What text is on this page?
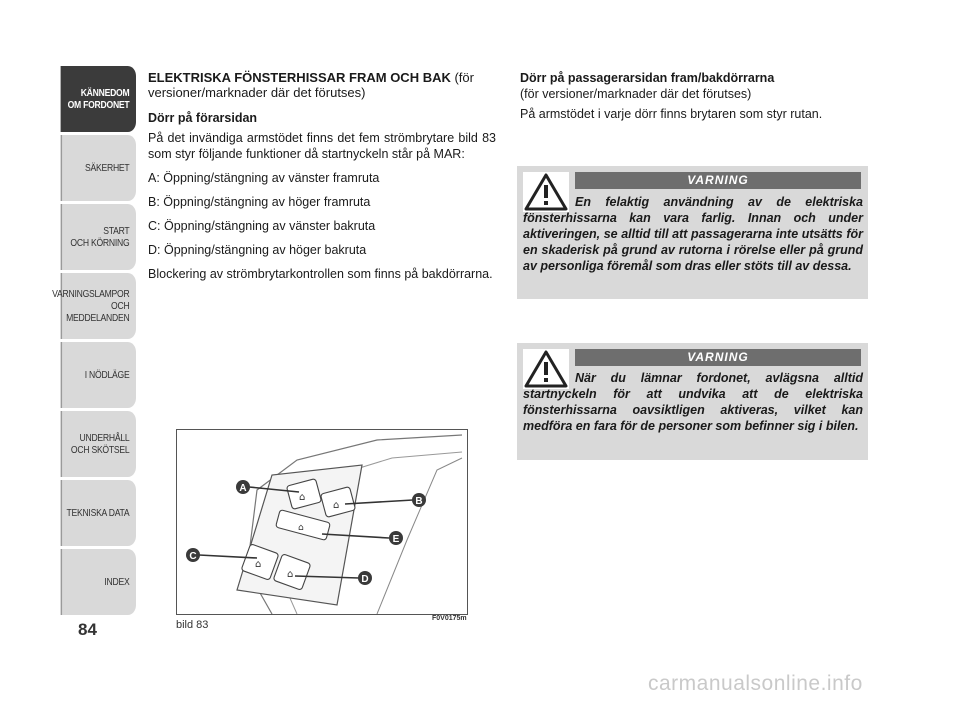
KÄNNEDOM
OM FORDONET
SÄKERHET
START
OCH KÖRNING
VARNINGSLAMPOR
OCH
MEDDELANDEN
I NÖDLÄGE
UNDERHÅLL
OCH SKÖTSEL
TEKNISKA DATA
INDEX
84
ELEKTRISKA FÖNSTERHISSAR FRAM OCH BAK (för versioner/marknader där det förutses)
Dörr på förarsidan
På det invändiga armstödet finns det fem strömbrytare bild 83 som styr följande funktioner då startnyckeln står på MAR:
A: Öppning/stängning av vänster framruta
B: Öppning/stängning av höger framruta
C: Öppning/stängning av vänster bakruta
D: Öppning/stängning av höger bakruta
Blockering av strömbrytarkontrollen som finns på bakdörrarna.
⌂
⌂
⌂
⌂
⌂
A
B
E
C
D
bild 83
F0V0175m
Dörr på passagerarsidan fram/bakdörrarna
(för versioner/marknader där det förutses)
På armstödet i varje dörr finns brytaren som styr rutan.
VARNING
En felaktig användning av de elektriska fönsterhissarna kan vara farlig. Innan och under aktiveringen, se alltid till att passagerarna inte utsätts för en skaderisk på grund av rutorna i rörelse eller på grund av personliga föremål som dras eller stöts till av dessa.
VARNING
När du lämnar fordonet, avlägsna alltid startnyckeln för att undvika att de elektriska fönsterhissarna oavsiktligen aktiveras, vilket kan medföra en fara för de personer som befinner sig i bilen.
carmanualsonline.info
